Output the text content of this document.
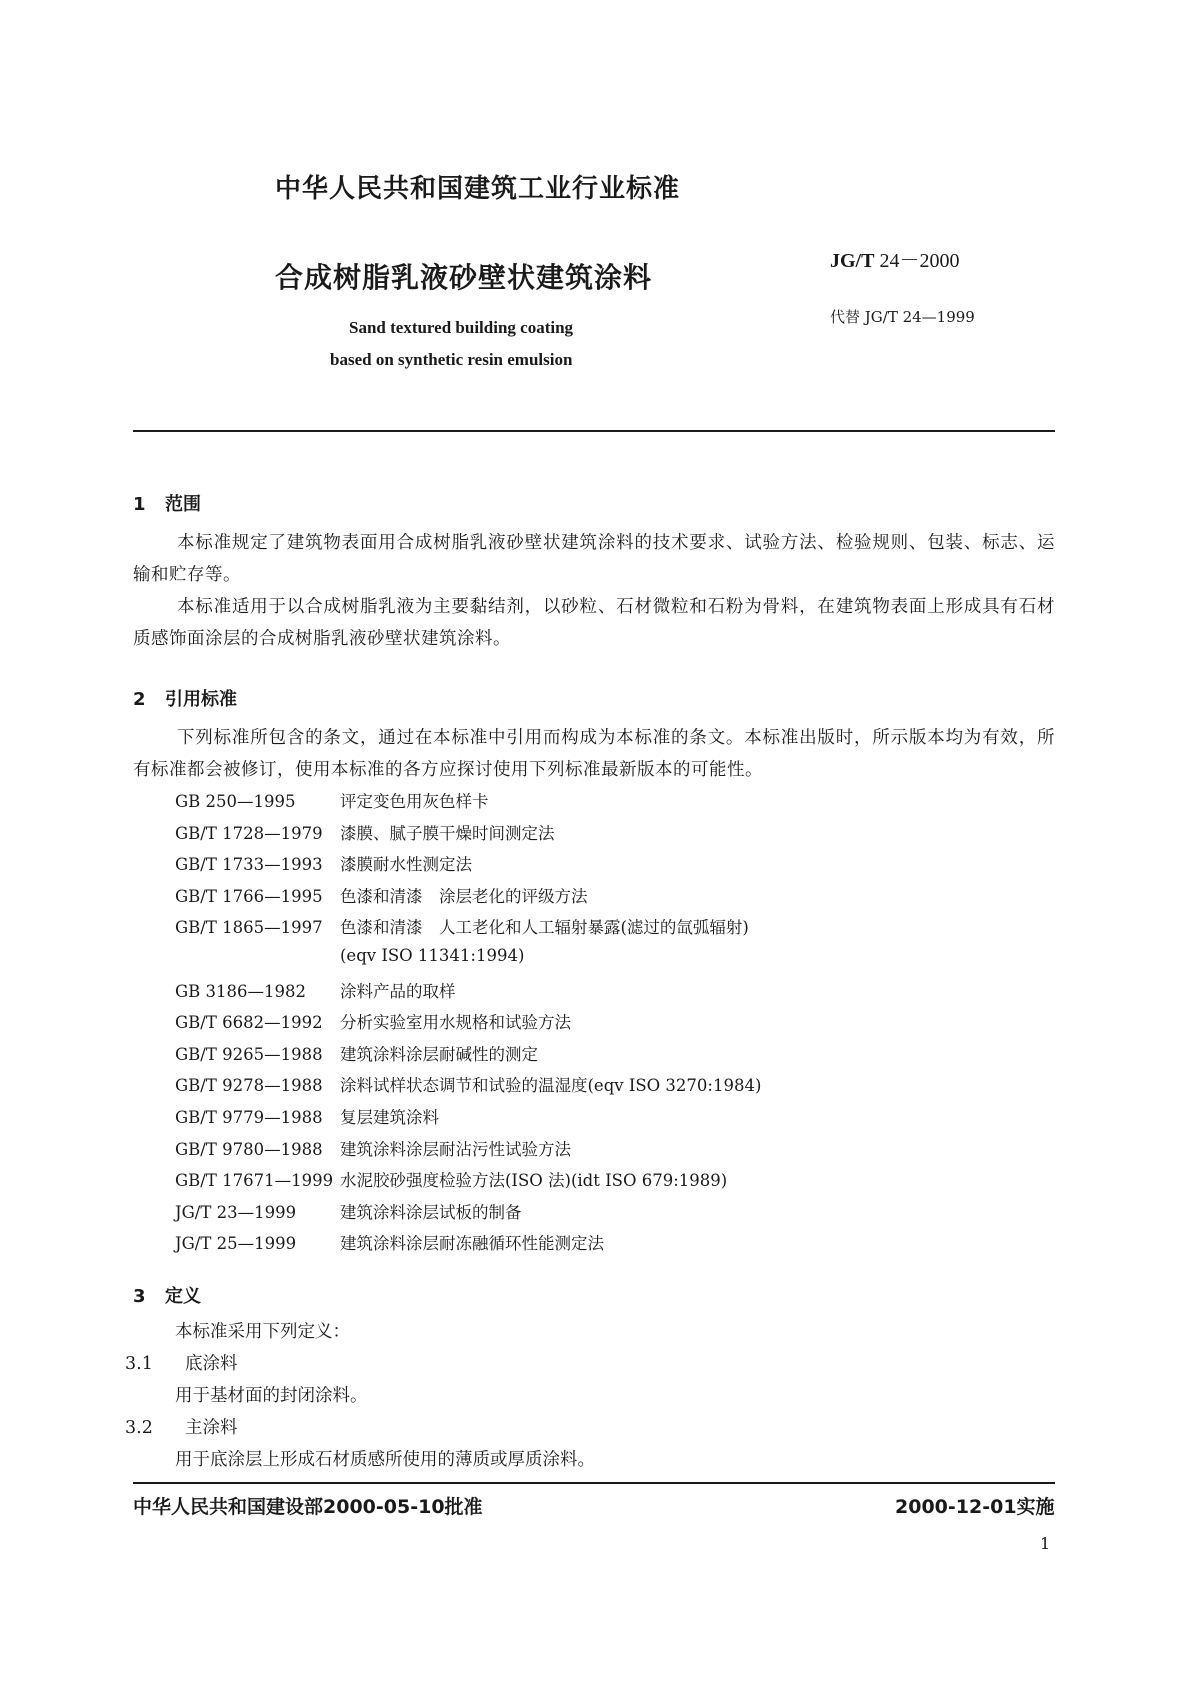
中华人民共和国建筑工业行业标准
合成树脂乳液砂壁状建筑涂料
Sand textured building coating
based on synthetic resin emulsion
JG/T 24－2000
代替 JG/T 24—1999
1 范围
本标准规定了建筑物表面用合成树脂乳液砂壁状建筑涂料的技术要求、试验方法、检验规则、包装、标志、运输和贮存等。
本标准适用于以合成树脂乳液为主要黏结剂，以砂粒、石材微粒和石粉为骨料，在建筑物表面上形成具有石材质感饰面涂层的合成树脂乳液砂壁状建筑涂料。
2 引用标准
下列标准所包含的条文，通过在本标准中引用而构成为本标准的条文。本标准出版时，所示版本均为有效，所有标准都会被修订，使用本标准的各方应探讨使用下列标准最新版本的可能性。
GB 250—1995	评定变色用灰色样卡
GB/T 1728—1979 漆膜、腻子膜干燥时间测定法
GB/T 1733—1993 漆膜耐水性测定法
GB/T 1766—1995 色漆和清漆　涂层老化的评级方法
GB/T 1865—1997 色漆和清漆　人工老化和人工辐射暴露(滤过的氙弧辐射)
(eqv ISO 11341:1994)
GB 3186—1982 涂料产品的取样
GB/T 6682—1992 分析实验室用水规格和试验方法
GB/T 9265—1988 建筑涂料涂层耐碱性的测定
GB/T 9278—1988 涂料试样状态调节和试验的温湿度(eqv ISO 3270:1984)
GB/T 9779—1988 复层建筑涂料
GB/T 9780—1988 建筑涂料涂层耐沾污性试验方法
GB/T 17671—1999 水泥胶砂强度检验方法(ISO 法)(idt ISO 679:1989)
JG/T 23—1999	建筑涂料涂层试板的制备
JG/T 25—1999	建筑涂料涂层耐冻融循环性能测定法
3 定义
本标准采用下列定义：
3.1 底涂料
用于基材面的封闭涂料。
3.2 主涂料
用于底涂层上形成石材质感所使用的薄质或厚质涂料。
中华人民共和国建设部2000-05-10批准	2000-12-01实施
1
